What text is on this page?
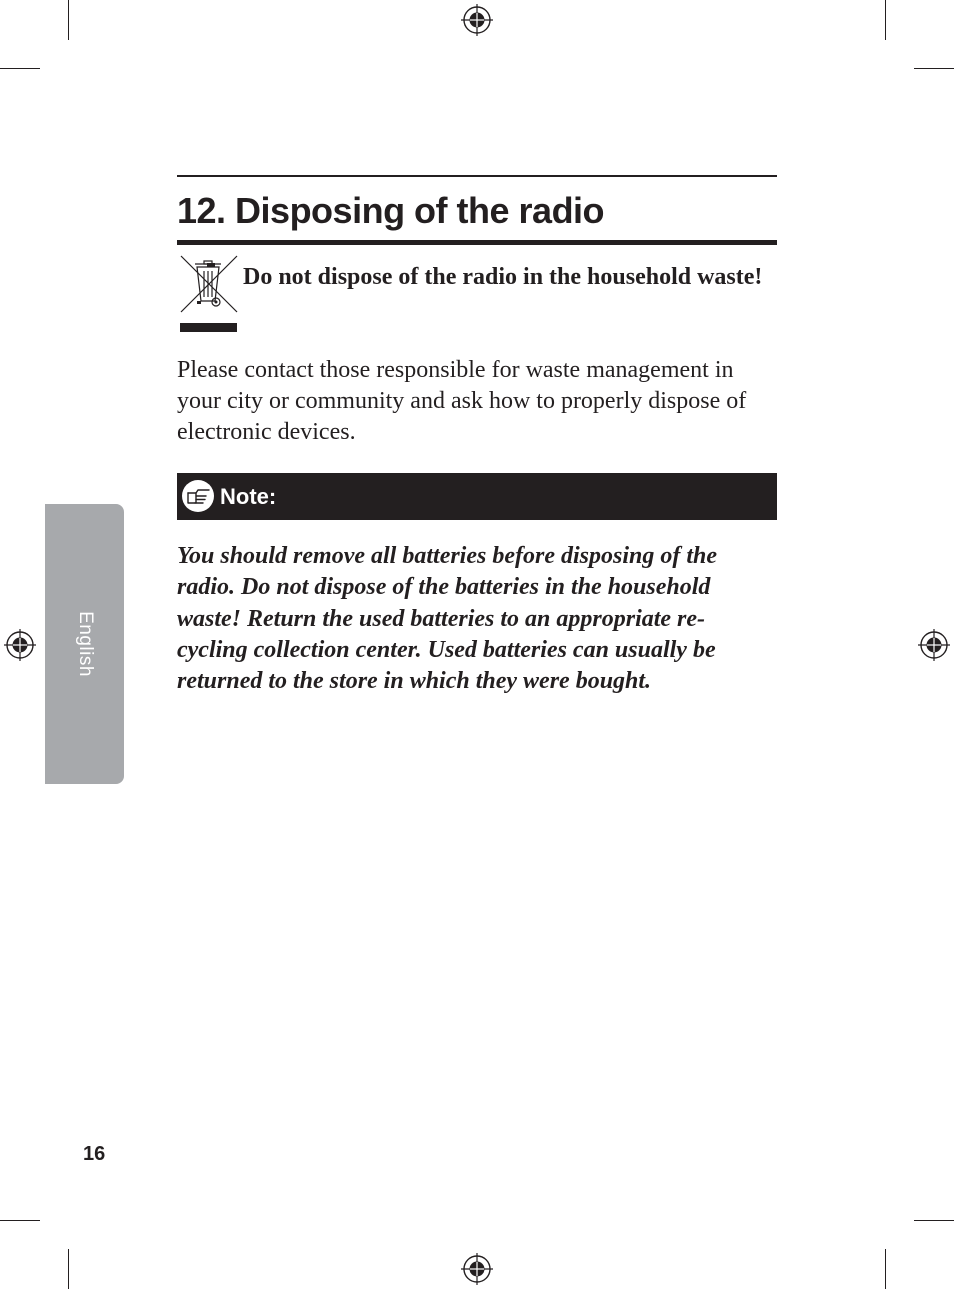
English
12. Disposing of the radio
Do not dispose of the radio in the household waste!
Please contact those responsible for waste management in your city or community and ask how to properly dispose of electronic devices.
Note:
You should remove all batteries before disposing of the radio. Do not dispose of the batteries in the household waste! Return the used batteries to an appropriate re-cycling collection center. Used batteries can usually be returned to the store in which they were bought.
16
